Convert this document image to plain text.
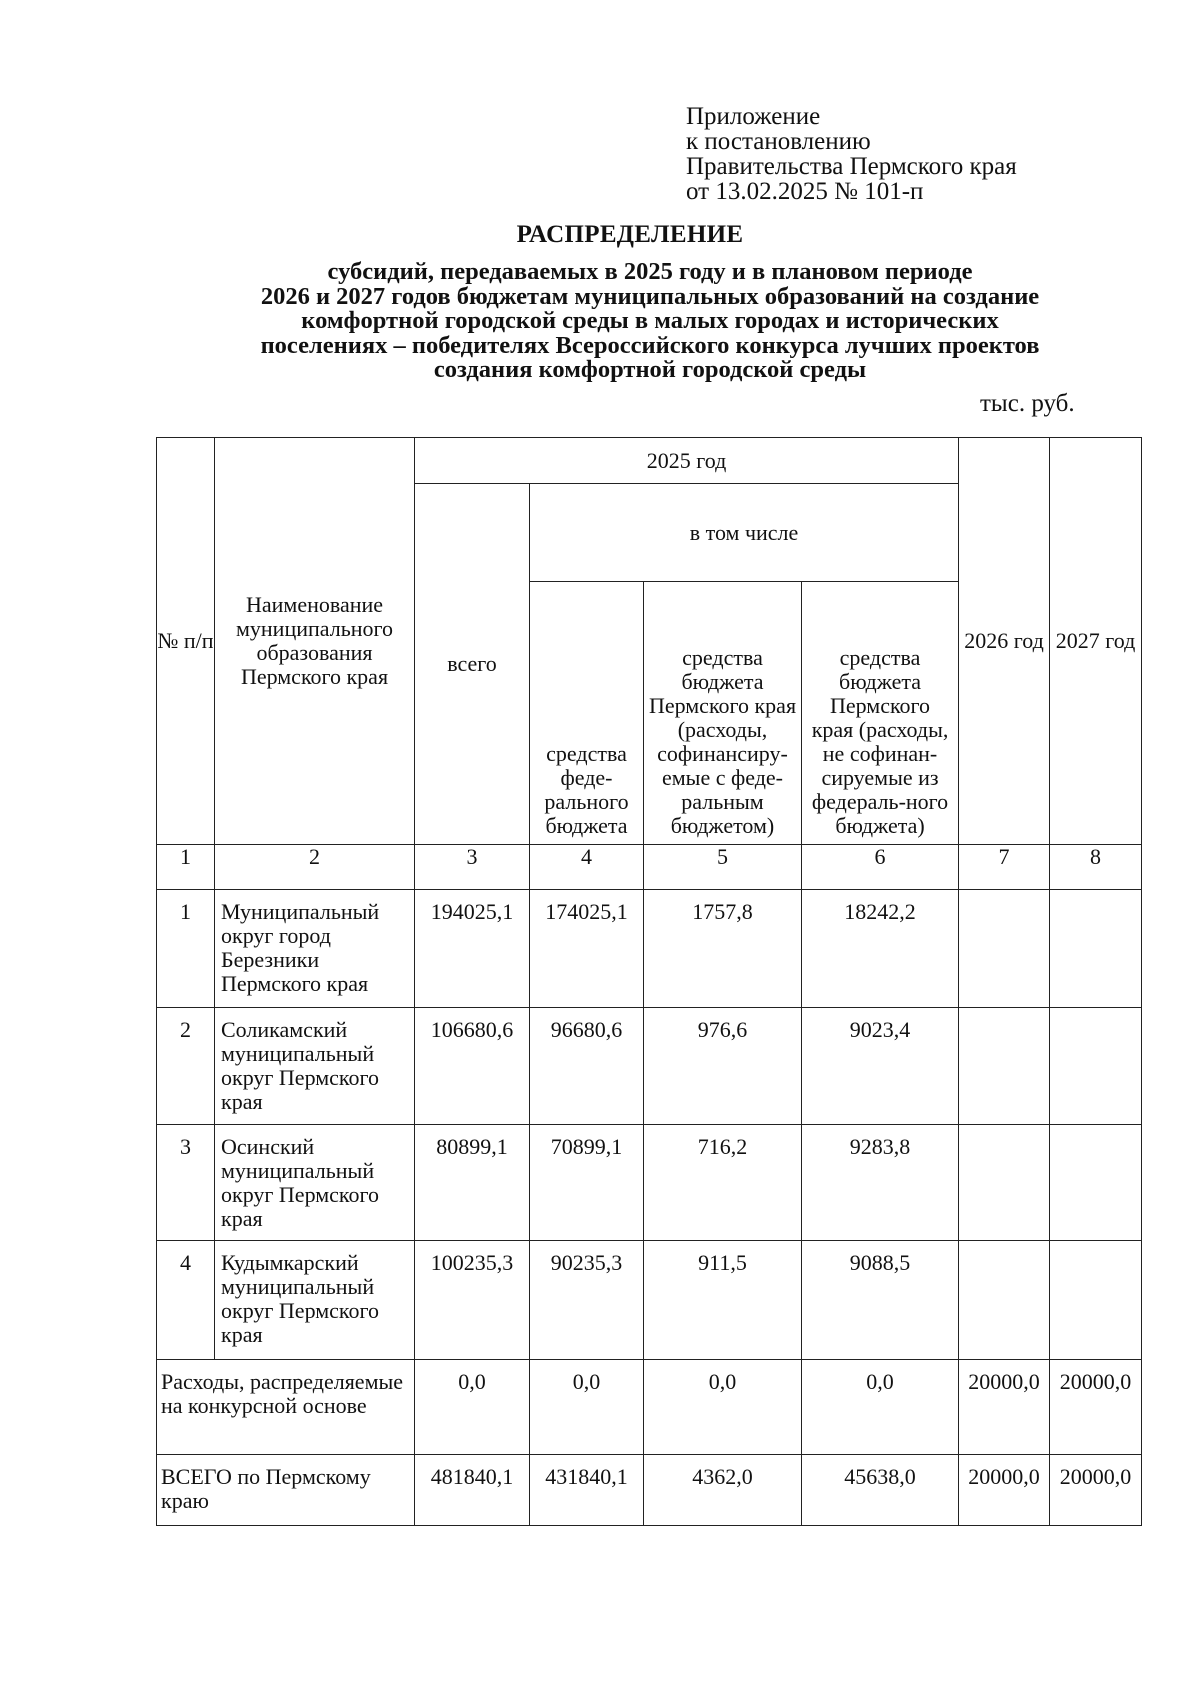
Приложение
к постановлению
Правительства Пермского края
от 13.02.2025 № 101-п
РАСПРЕДЕЛЕНИЕ
субсидий, передаваемых в 2025 году и в плановом периоде
2026 и 2027 годов бюджетам муниципальных образований на создание
комфортной городской среды в малых городах и исторических
поселениях – победителях Всероссийского конкурса лучших проектов
создания комфортной городской среды
тыс. руб.
№ п/п	Наименование муниципального образования Пермского края	2025 год				2026 год	2027 год
		всего	в том числе				
			средства феде-рального бюджета	средства бюджета Пермского края (расходы, софинансиру-емые с феде-ральным бюджетом)	средства бюджета Пермского края (расходы, не софинан-сируемые из федераль-ного бюджета)		
1	2	3	4	5	6	7	8
1	Муниципальный округ город Березники Пермского края	194025,1	174025,1	1757,8	18242,2		
2	Соликамский муниципальный округ Пермского края	106680,6	96680,6	976,6	9023,4		
3	Осинский муниципальный округ Пермского края	80899,1	70899,1	716,2	9283,8		
4	Кудымкарский муниципальный округ Пермского края	100235,3	90235,3	911,5	9088,5		
Расходы, распределяемые на конкурсной основе		0,0	0,0	0,0	0,0	20000,0	20000,0
ВСЕГО по Пермскому краю		481840,1	431840,1	4362,0	45638,0	20000,0	20000,0
